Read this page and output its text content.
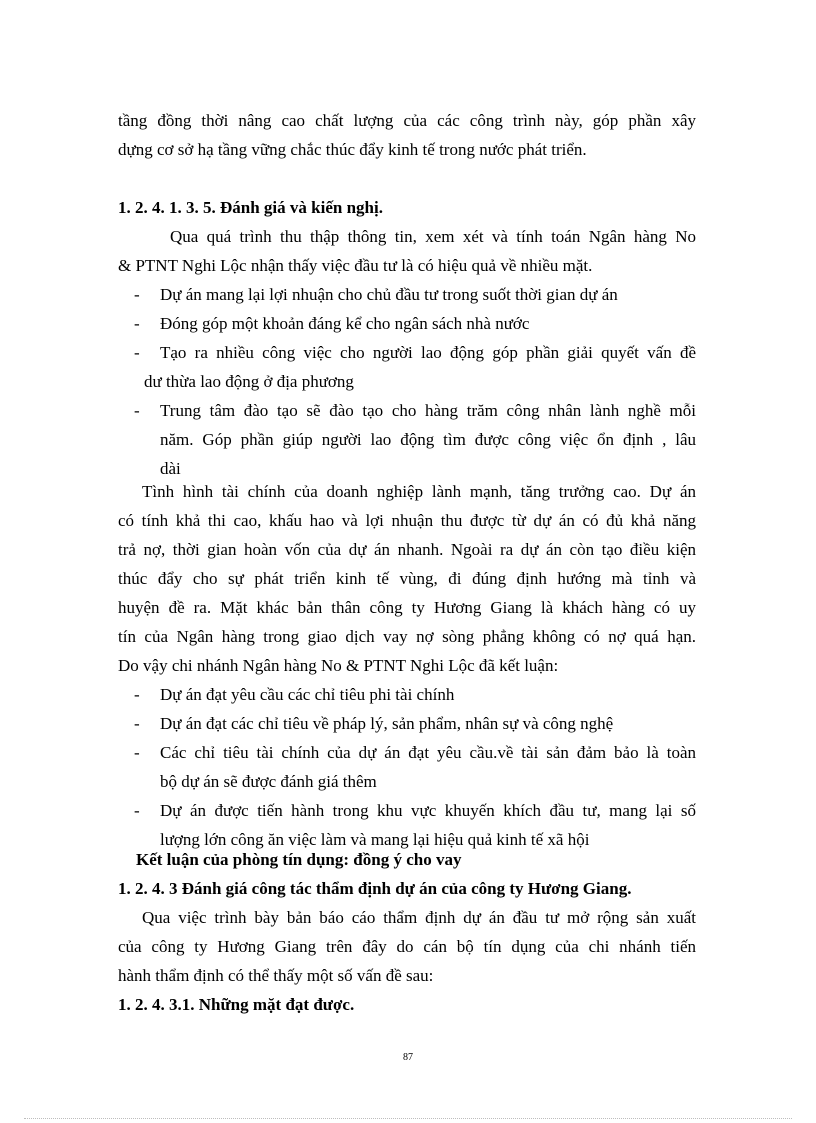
tầng đồng thời nâng cao chất lượng của các công trình này, góp phần xây
dựng cơ sở hạ tầng vững chắc thúc đẩy kinh tế trong nước phát triển.
1. 2. 4. 1. 3. 5. Đánh giá và kiến nghị.
Qua quá trình thu thập thông tin, xem xét và tính toán Ngân hàng No
& PTNT Nghi Lộc nhận thấy việc đầu tư là có hiệu quả về nhiều mặt.
- Dự án mang lại lợi nhuận cho chủ đầu tư trong suốt thời gian dự án
- Đóng góp một khoản đáng kể cho ngân sách nhà nước
- Tạo ra nhiều công việc cho người lao động góp phần giải quyết vấn đề
dư thừa lao động ở địa phương
- Trung tâm đào tạo sẽ đào tạo cho hàng trăm công nhân lành nghề mỗi
năm. Góp phần giúp người lao động tìm được công việc ổn định , lâu
dài
Tình hình tài chính của doanh nghiệp lành mạnh, tăng trưởng cao. Dự án
có tính khả thi cao, khấu hao và lợi nhuận thu được từ dự án có đủ khả năng
trả nợ, thời gian hoàn vốn của dự án nhanh. Ngoài ra dự án còn tạo điều kiện
thúc đẩy cho sự phát triển kinh tế vùng, đi đúng định hướng mà tỉnh và
huyện đề ra. Mặt khác bản thân công ty Hương Giang là khách hàng có uy
tín của Ngân hàng trong giao dịch vay nợ sòng phẳng không có nợ quá hạn.
Do vậy chi nhánh Ngân hàng No & PTNT Nghi Lộc đã kết luận:
- Dự án đạt yêu cầu các chỉ tiêu phi tài chính
- Dự án đạt các chỉ tiêu về pháp lý, sản phẩm, nhân sự và công nghệ
- Các chỉ tiêu tài chính của dự án đạt yêu cầu.về tài sản đảm bảo là toàn
bộ dự án sẽ được đánh giá thêm
- Dự án được tiến hành trong khu vực khuyến khích đầu tư, mang lại số
lượng lớn công ăn việc làm và mang lại hiệu quả kinh tế xã hội
Kết luận của phòng tín dụng: đồng ý cho vay
1. 2. 4. 3 Đánh giá công tác thẩm định dự án của công ty Hương Giang.
Qua việc trình bày bản báo cáo thẩm định dự án đầu tư mở rộng sản xuất
của công ty Hương Giang trên đây do cán bộ tín dụng của chi nhánh tiến
hành thẩm định có thể thấy một số vấn đề sau:
1. 2. 4. 3.1. Những mặt đạt được.
87
